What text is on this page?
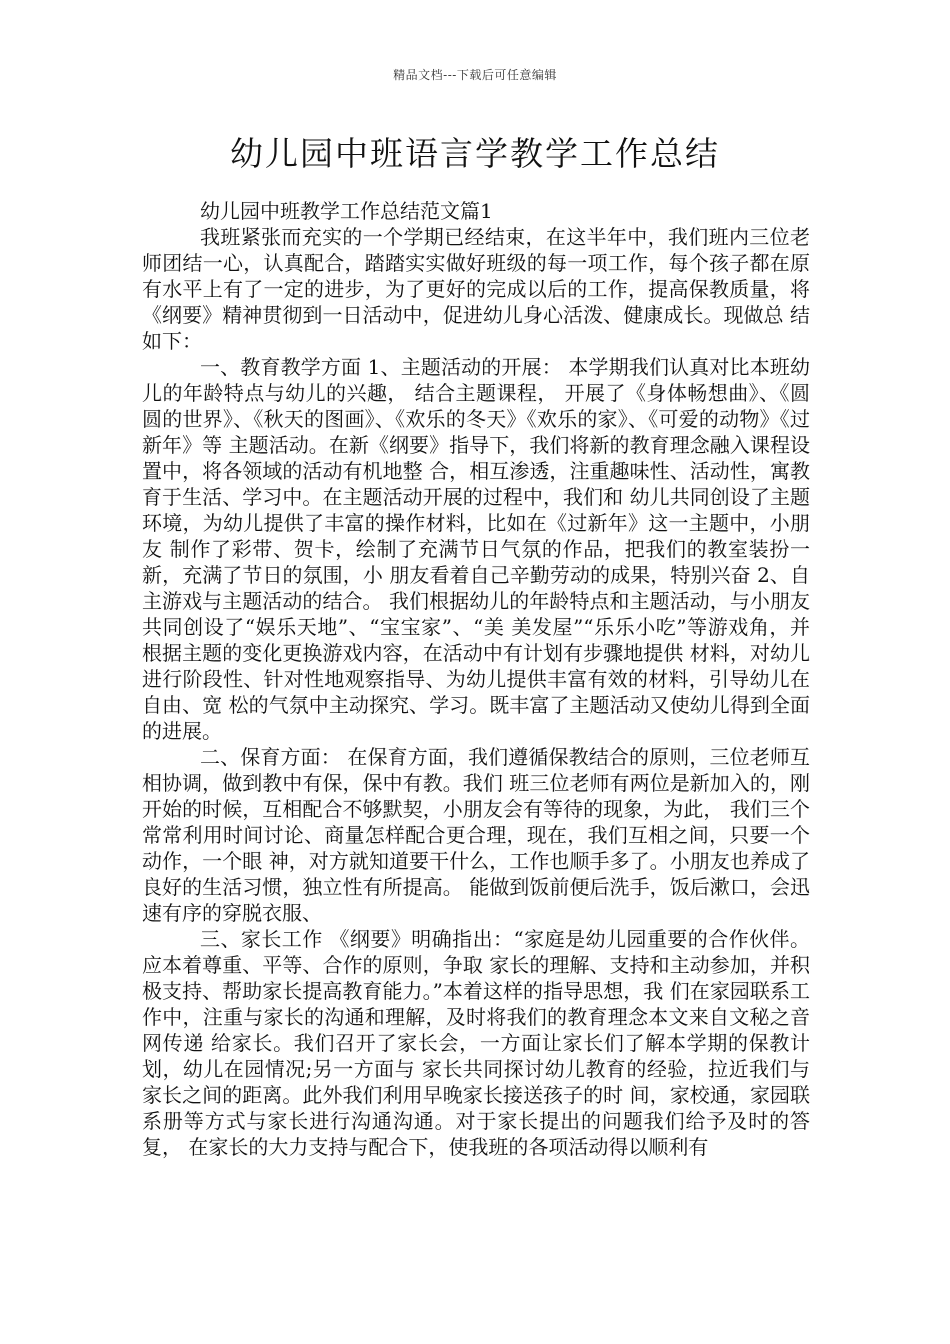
精品文档---下载后可任意编辑
幼儿园中班语言学教学工作总结

幼儿园中班教学工作总结范文篇1

我班紧张而充实的一个学期已经结束，在这半年中，我们班内三位老师团结一心，认真配合，踏踏实实做好班级的每一项工作，每个孩子都在原有水平上有了一定的进步，为了更好的完成以后的工作，提高保教质量，将《纲要》精神贯彻到一日活动中，促进幼儿身心活泼、健康成长。现做总 结如下：

一、教育教学方面 1、主题活动的开展： 本学期我们认真对比本班幼儿的年龄特点与幼儿的兴趣， 结合主题课程， 开展了《身体畅想曲》、《圆圆的世界》、《秋天的图画》、《欢乐的冬天》《欢乐的家》、《可爱的动物》《过新年》等 主题活动。在新《纲要》指导下，我们将新的教育理念融入课程设置中，将各领域的活动有机地整 合，相互渗透，注重趣味性、活动性，寓教育于生活、学习中。在主题活动开展的过程中，我们和 幼儿共同创设了主题环境，为幼儿提供了丰富的操作材料，比如在《过新年》这一主题中，小朋友 制作了彩带、贺卡，绘制了充满节日气氛的作品，把我们的教室装扮一新，充满了节日的氛围，小 朋友看着自己辛勤劳动的成果，特别兴奋 2、自主游戏与主题活动的结合。 我们根据幼儿的年龄特点和主题活动，与小朋友共同创设了“娱乐天地”、“宝宝家”、“美 美发屋”“乐乐小吃”等游戏角，并根据主题的变化更换游戏内容，在活动中有计划有步骤地提供 材料，对幼儿进行阶段性、针对性地观察指导、为幼儿提供丰富有效的材料，引导幼儿在自由、宽 松的气氛中主动探究、学习。既丰富了主题活动又使幼儿得到全面的进展。

二、保育方面： 在保育方面，我们遵循保教结合的原则，三位老师互相协调，做到教中有保，保中有教。我们 班三位老师有两位是新加入的，刚开始的时候，互相配合不够默契，小朋友会有等待的现象，为此， 我们三个常常利用时间讨论、商量怎样配合更合理，现在，我们互相之间，只要一个动作，一个眼 神，对方就知道要干什么，工作也顺手多了。小朋友也养成了良好的生活习惯，独立性有所提高。 能做到饭前便后洗手，饭后漱口，会迅速有序的穿脱衣服、

三、家长工作 《纲要》明确指出：“家庭是幼儿园重要的合作伙伴。应本着尊重、平等、合作的原则，争取 家长的理解、支持和主动参加，并积极支持、帮助家长提高教育能力。”本着这样的指导思想，我 们在家园联系工作中，注重与家长的沟通和理解，及时将我们的教育理念本文来自文秘之音网传递 给家长。我们召开了家长会，一方面让家长们了解本学期的保教计划，幼儿在园情况;另一方面与 家长共同探讨幼儿教育的经验，拉近我们与家长之间的距离。此外我们利用早晚家长接送孩子的时 间，家校通，家园联系册等方式与家长进行沟通沟通。对于家长提出的问题我们给予及时的答复， 在家长的大力支持与配合下，使我班的各项活动得以顺利有
